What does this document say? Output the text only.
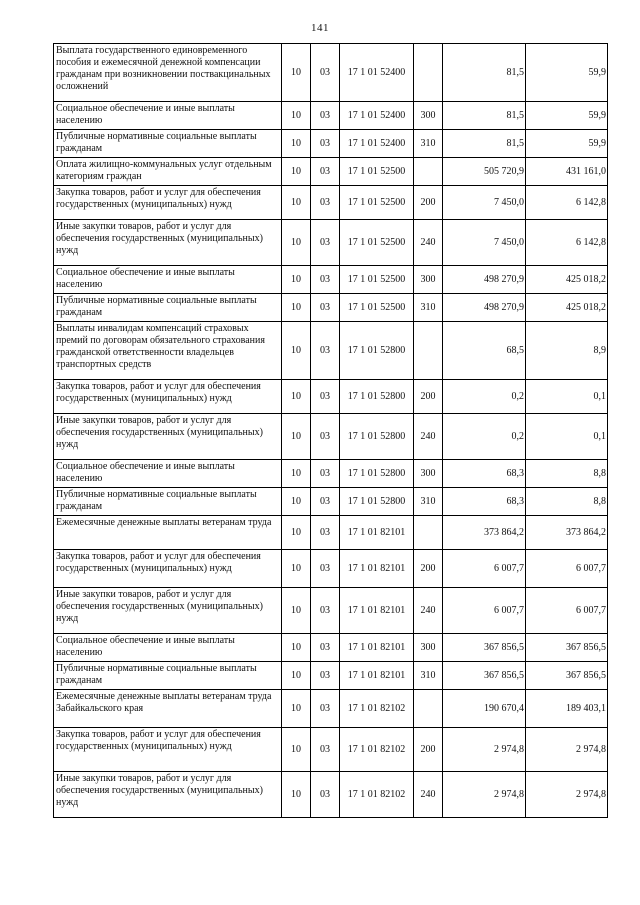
141
Выплата государственного единовременного пособия и ежемесячной денежной компенсации гражданам при возникновении поствакцинальных осложнений	10	03	17 1 01 52400		81,5	59,9
Социальное обеспечение и иные выплаты населению	10	03	17 1 01 52400	300	81,5	59,9
Публичные нормативные социальные выплаты гражданам	10	03	17 1 01 52400	310	81,5	59,9
Оплата жилищно-коммунальных услуг отдельным категориям граждан	10	03	17 1 01 52500		505 720,9	431 161,0
Закупка товаров, работ и услуг для обеспечения государственных (муниципальных) нужд	10	03	17 1 01 52500	200	7 450,0	6 142,8
Иные закупки товаров, работ и услуг для обеспечения государственных (муниципальных) нужд	10	03	17 1 01 52500	240	7 450,0	6 142,8
Социальное обеспечение и иные выплаты населению	10	03	17 1 01 52500	300	498 270,9	425 018,2
Публичные нормативные социальные выплаты гражданам	10	03	17 1 01 52500	310	498 270,9	425 018,2
Выплаты инвалидам компенсаций страховых премий по договорам обязательного страхования гражданской ответственности владельцев транспортных средств	10	03	17 1 01 52800		68,5	8,9
Закупка товаров, работ и услуг для обеспечения государственных (муниципальных) нужд	10	03	17 1 01 52800	200	0,2	0,1
Иные закупки товаров, работ и услуг для обеспечения государственных (муниципальных) нужд	10	03	17 1 01 52800	240	0,2	0,1
Социальное обеспечение и иные выплаты населению	10	03	17 1 01 52800	300	68,3	8,8
Публичные нормативные социальные выплаты гражданам	10	03	17 1 01 52800	310	68,3	8,8
Ежемесячные денежные выплаты ветеранам труда	10	03	17 1 01 82101		373 864,2	373 864,2
Закупка товаров, работ и услуг для обеспечения государственных (муниципальных) нужд	10	03	17 1 01 82101	200	6 007,7	6 007,7
Иные закупки товаров, работ и услуг для обеспечения государственных (муниципальных) нужд	10	03	17 1 01 82101	240	6 007,7	6 007,7
Социальное обеспечение и иные выплаты населению	10	03	17 1 01 82101	300	367 856,5	367 856,5
Публичные нормативные социальные выплаты гражданам	10	03	17 1 01 82101	310	367 856,5	367 856,5
Ежемесячные денежные выплаты ветеранам труда Забайкальского края	10	03	17 1 01 82102		190 670,4	189 403,1
Закупка товаров, работ и услуг для обеспечения государственных (муниципальных) нужд	10	03	17 1 01 82102	200	2 974,8	2 974,8
Иные закупки товаров, работ и услуг для обеспечения государственных (муниципальных) нужд	10	03	17 1 01 82102	240	2 974,8	2 974,8
